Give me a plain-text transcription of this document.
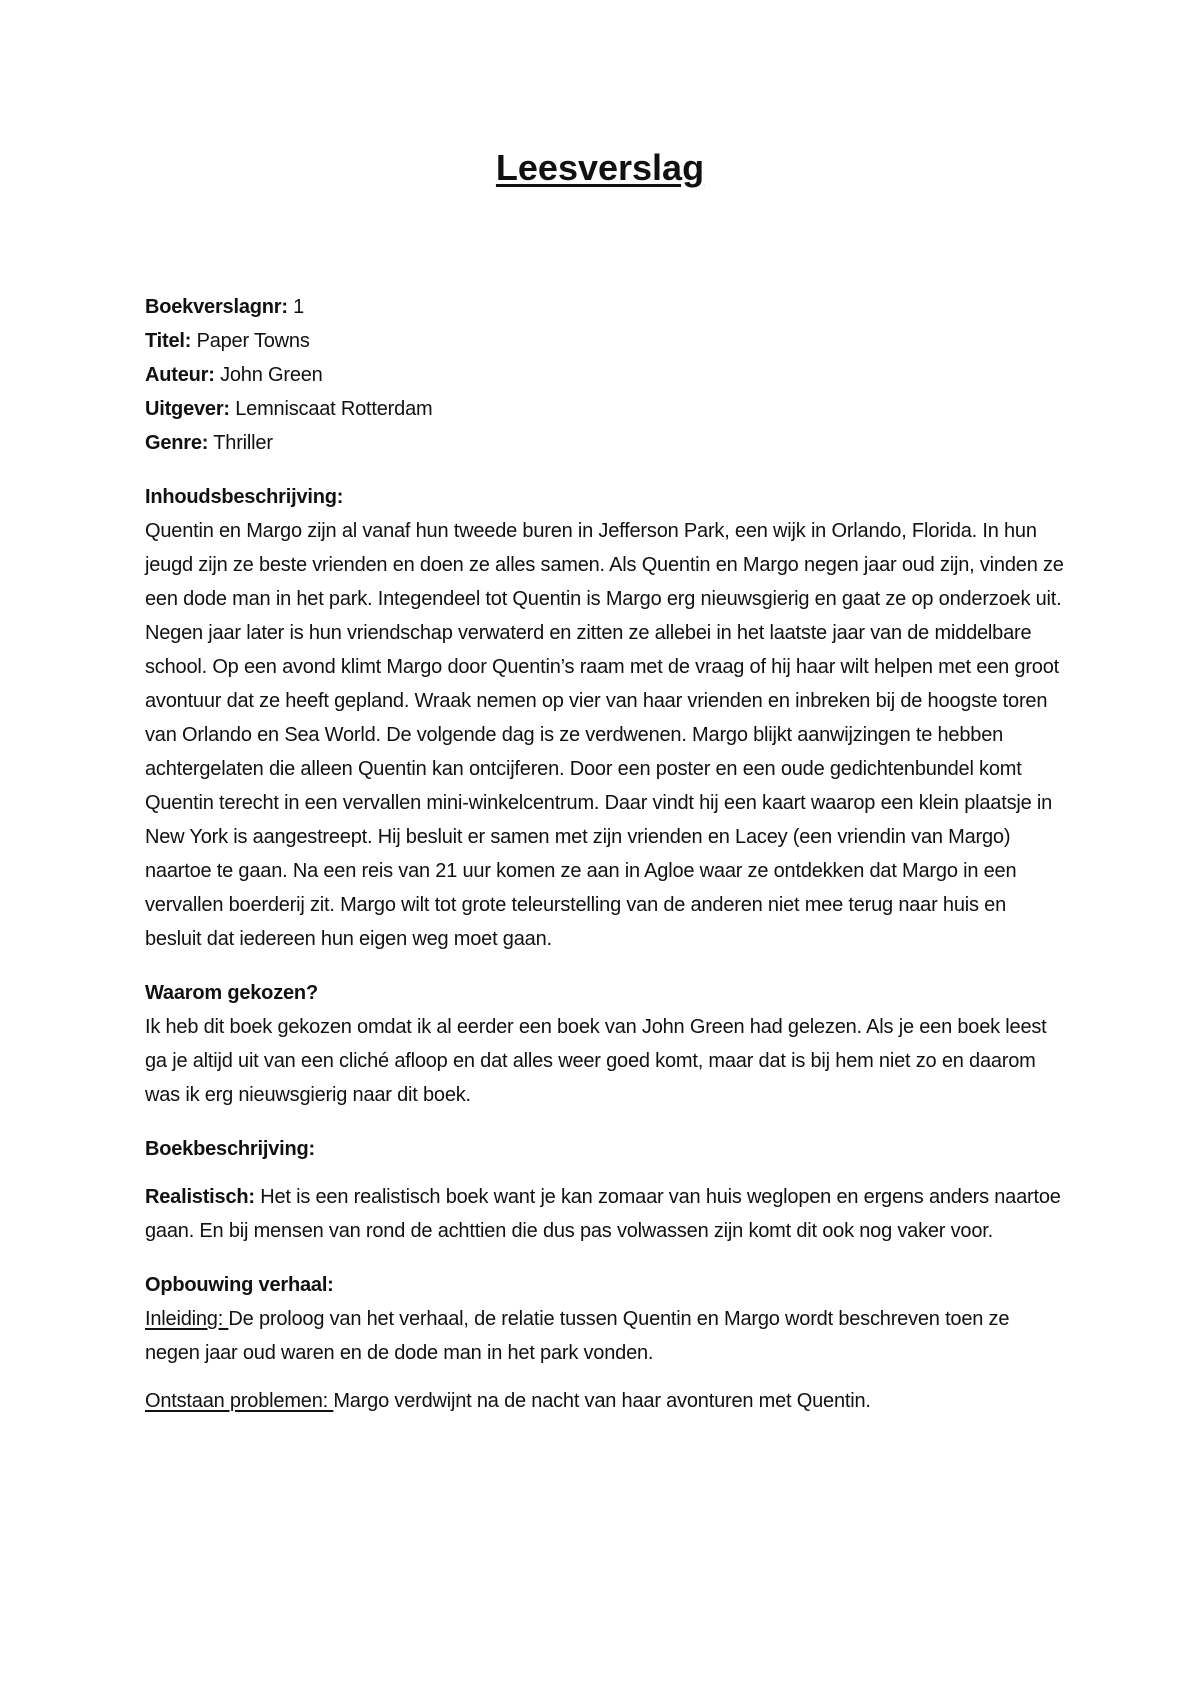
Leesverslag

Boekverslagnr: 1

Titel: Paper Towns

Auteur: John Green

Uitgever: Lemniscaat Rotterdam

Genre: Thriller

Inhoudsbeschrijving:

Quentin en Margo zijn al vanaf hun tweede buren in Jefferson Park, een wijk in Orlando, Florida. In hun jeugd zijn ze beste vrienden en doen ze alles samen. Als Quentin en Margo negen jaar oud zijn, vinden ze een dode man in het park. Integendeel tot Quentin is Margo erg nieuwsgierig en gaat ze op onderzoek uit. Negen jaar later is hun vriendschap verwaterd en zitten ze allebei in het laatste jaar van de middelbare school. Op een avond klimt Margo door Quentin’s raam met de vraag of hij haar wilt helpen met een groot avontuur dat ze heeft gepland. Wraak nemen op vier van haar vrienden en inbreken bij de hoogste toren van Orlando en Sea World. De volgende dag is ze verdwenen. Margo blijkt aanwijzingen te hebben achtergelaten die alleen Quentin kan ontcijferen. Door een poster en een oude gedichtenbundel komt Quentin terecht in een vervallen mini-winkelcentrum. Daar vindt hij een kaart waarop een klein plaatsje in New York is aangestreept. Hij besluit er samen met zijn vrienden en Lacey (een vriendin van Margo) naartoe te gaan. Na een reis van 21 uur komen ze aan in Agloe waar ze ontdekken dat Margo in een vervallen boerderij zit. Margo wilt tot grote teleurstelling van de anderen niet mee terug naar huis en besluit dat iedereen hun eigen weg moet gaan.

Waarom gekozen?

Ik heb dit boek gekozen omdat ik al eerder een boek van John Green had gelezen. Als je een boek leest ga je altijd uit van een cliché afloop en dat alles weer goed komt, maar dat is bij hem niet zo en daarom was ik erg nieuwsgierig naar dit boek.

Boekbeschrijving:

Realistisch: Het is een realistisch boek want je kan zomaar van huis weglopen en ergens anders naartoe gaan. En bij mensen van rond de achttien die dus pas volwassen zijn komt dit ook nog vaker voor.

Opbouwing verhaal:

Inleiding: De proloog van het verhaal, de relatie tussen Quentin en Margo wordt beschreven toen ze negen jaar oud waren en de dode man in het park vonden.

Ontstaan problemen: Margo verdwijnt na de nacht van haar avonturen met Quentin.
